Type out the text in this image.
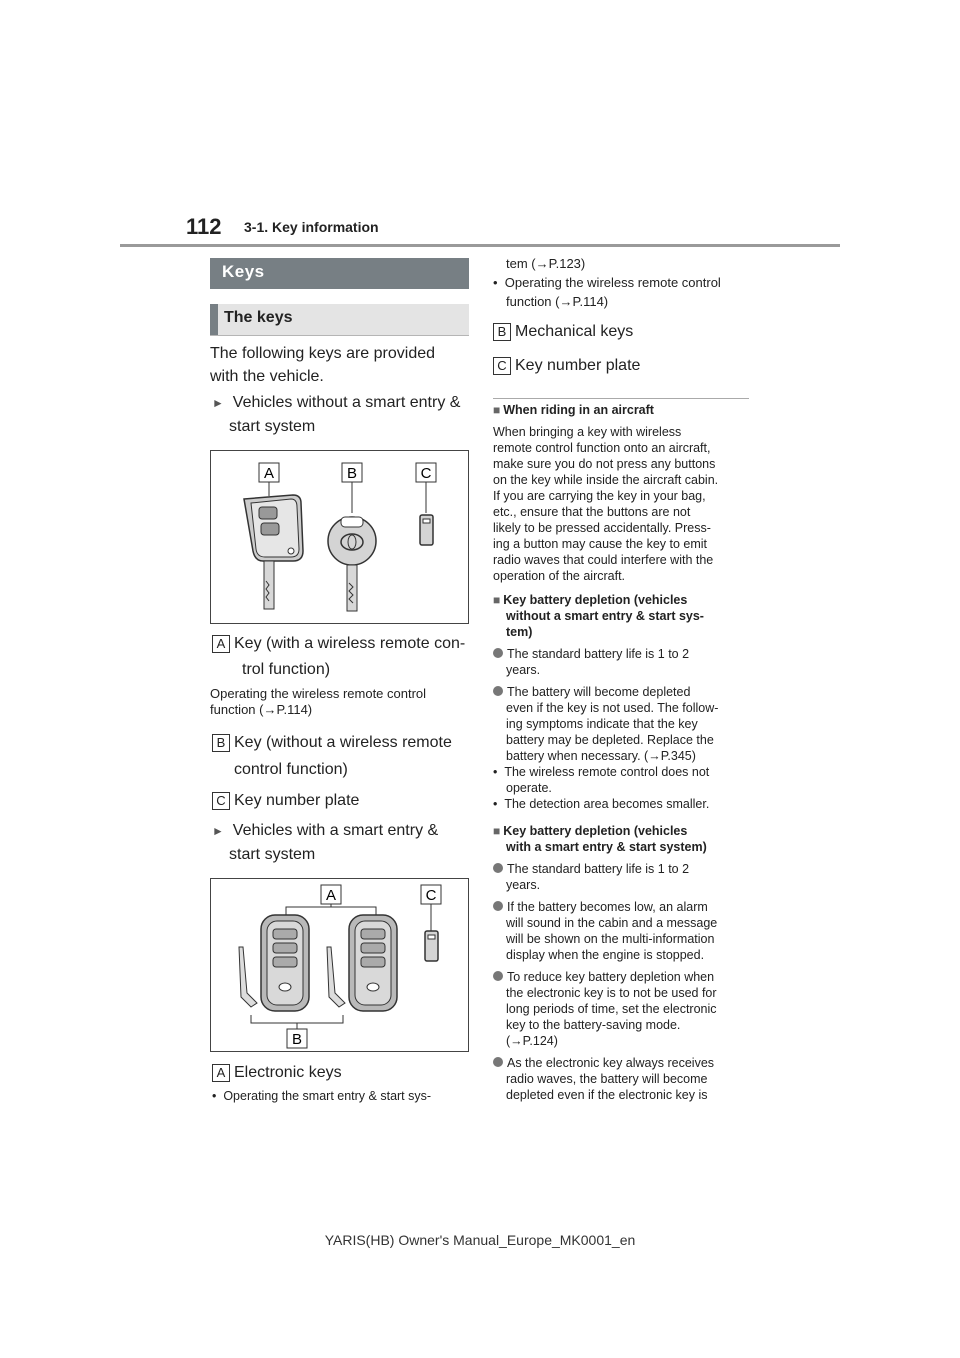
112 3-1. Key information
Keys
The keys
The following keys are provided
with the vehicle.
► Vehicles without a smart entry &
start system
A	B	C
A Key (with a wireless remote con-
trol function)
Operating the wireless remote control
function (→P.114)
B Key (without a wireless remote
control function)
C Key number plate
► Vehicles with a smart entry &
start system
A	C
B
A Electronic keys
•  Operating the smart entry & start sys-
tem (→P.123)
•  Operating the wireless remote control
function (→P.114)
B Mechanical keys
C Key number plate
■ When riding in an aircraft
When bringing a key with wireless
remote control function onto an aircraft,
make sure you do not press any buttons
on the key while inside the aircraft cabin.
If you are carrying the key in your bag,
etc., ensure that the buttons are not
likely to be pressed accidentally. Press-
ing a button may cause the key to emit
radio waves that could interfere with the
operation of the aircraft.
■ Key battery depletion (vehicles
without a smart entry & start sys-
tem)
The standard battery life is 1 to 2
years.
The battery will become depleted
even if the key is not used. The follow-
ing symptoms indicate that the key
battery may be depleted. Replace the
battery when necessary. (→P.345)
•  The wireless remote control does not
operate.
•  The detection area becomes smaller.
■ Key battery depletion (vehicles
with a smart entry & start system)
The standard battery life is 1 to 2
years.
If the battery becomes low, an alarm
will sound in the cabin and a message
will be shown on the multi-information
display when the engine is stopped.
To reduce key battery depletion when
the electronic key is to not be used for
long periods of time, set the electronic
key to the battery-saving mode.
(→P.124)
As the electronic key always receives
radio waves, the battery will become
depleted even if the electronic key is
YARIS(HB) Owner's Manual_Europe_MK0001_en
